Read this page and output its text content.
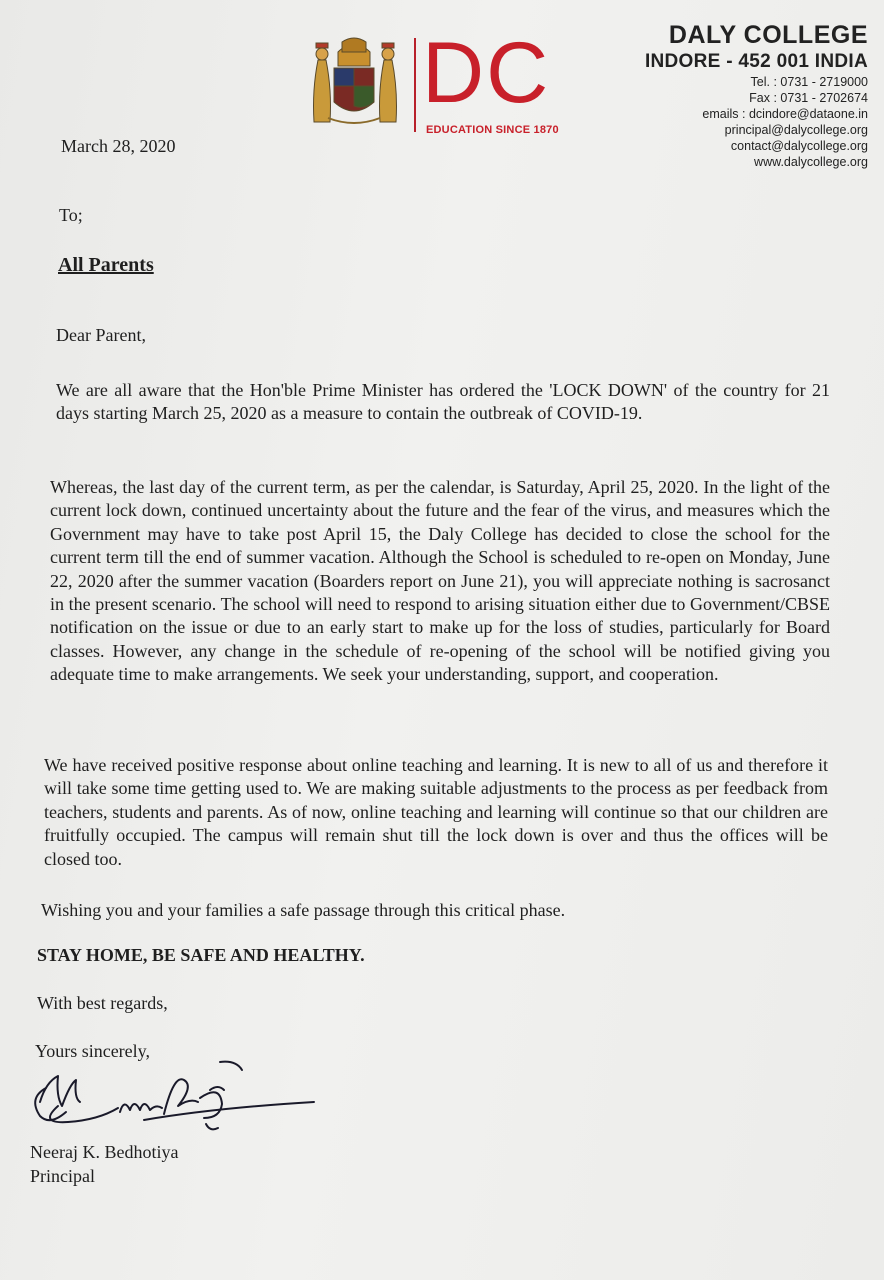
DC
EDUCATION SINCE 1870
DALY COLLEGE
INDORE - 452 001 INDIA
Tel. : 0731 - 2719000
Fax : 0731 - 2702674
emails : dcindore@dataone.in
principal@dalycollege.org
contact@dalycollege.org
www.dalycollege.org
March 28, 2020
To;
All Parents
Dear Parent,
We are all aware that the Hon'ble Prime Minister has ordered the 'LOCK DOWN' of the country for 21 days starting March 25, 2020 as a measure to contain the outbreak of COVID-19.
Whereas, the last day of the current term, as per the calendar, is Saturday, April 25, 2020. In the light of the current lock down, continued uncertainty about the future and the fear of the virus, and measures which the Government may have to take post April 15, the Daly College has decided to close the school for the current term till the end of summer vacation. Although the School is scheduled to re-open on Monday, June 22, 2020 after the summer vacation (Boarders report on June 21), you will appreciate nothing is sacrosanct in the present scenario. The school will need to respond to arising situation either due to Government/CBSE notification on the issue or due to an early start to make up for the loss of studies, particularly for Board classes. However, any change in the schedule of re-opening of the school will be notified giving you adequate time to make arrangements. We seek your understanding, support, and cooperation.
We have received positive response about online teaching and learning. It is new to all of us and therefore it will take some time getting used to. We are making suitable adjustments to the process as per feedback from teachers, students and parents. As of now, online teaching and learning will continue so that our children are fruitfully occupied. The campus will remain shut till the lock down is over and thus the offices will be closed too.
Wishing you and your families a safe passage through this critical phase.
STAY HOME, BE SAFE AND HEALTHY.
With best regards,
Yours sincerely,
Neeraj K. Bedhotiya
Principal
